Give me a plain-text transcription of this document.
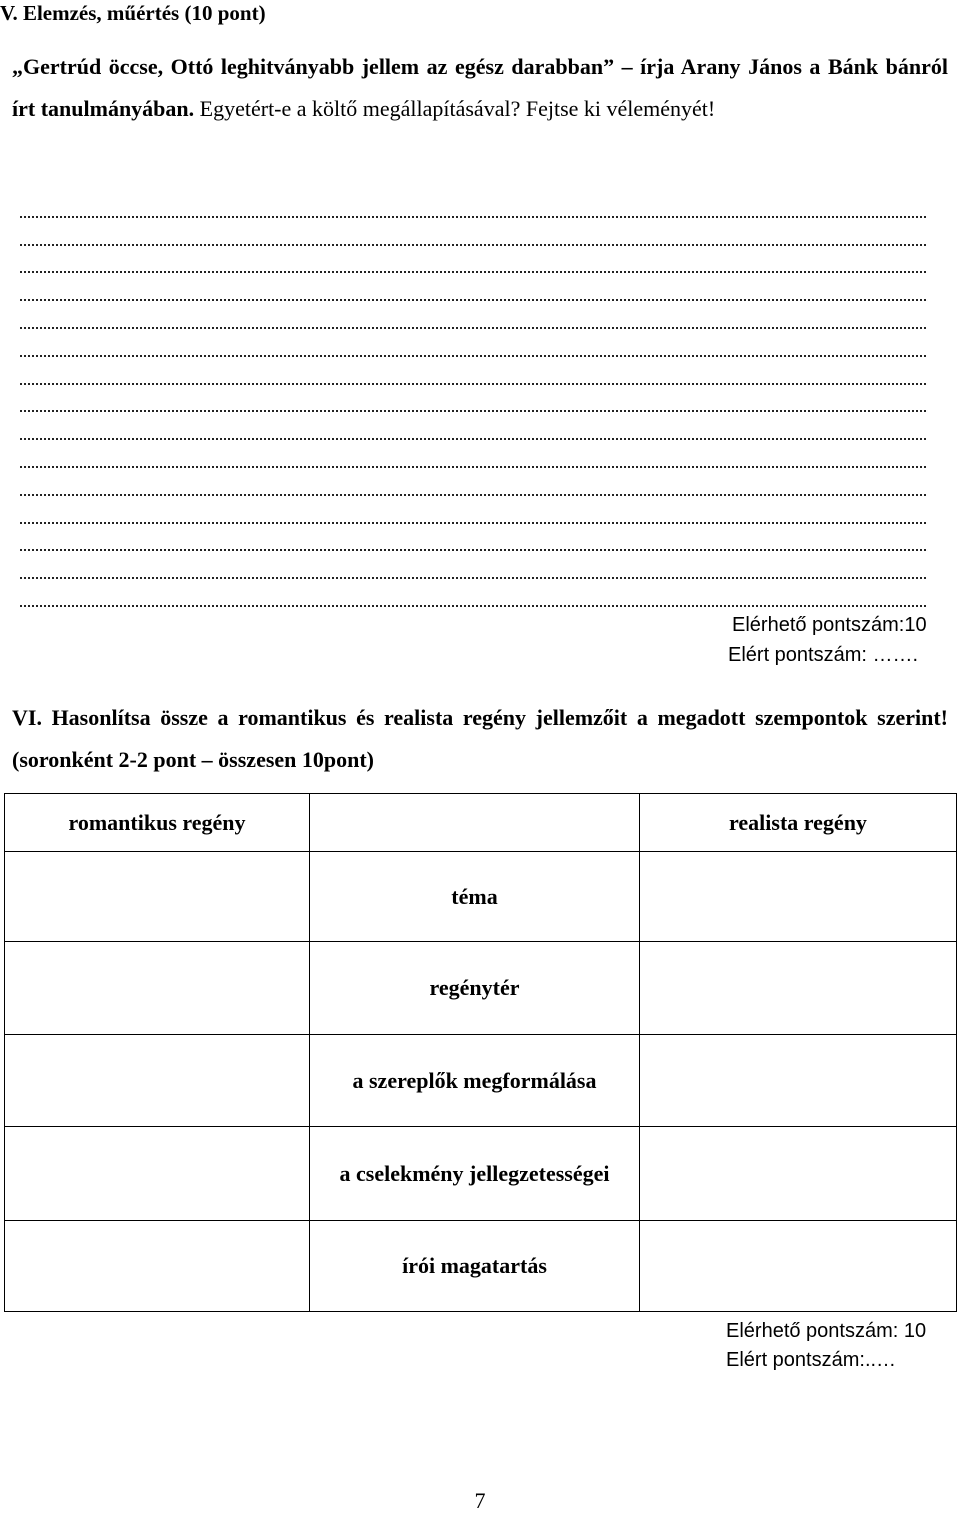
V. Elemzés, műértés (10 pont)

„Gertrúd öccse, Ottó leghitványabb jellem az egész darabban” – írja Arany János a Bánk bánról írt tanulmányában. Egyetért-e a költő megállapításával? Fejtse ki véleményét!

Elérhető pontszám:10
Elért pontszám: …….

VI. Hasonlítsa össze a romantikus és realista regény jellemzőit a megadott szempontok szerint! (soronként 2-2 pont – összesen 10pont)

romantikus regény		realista regény
	téma	
	regénytér	
	a szereplők megformálása	
	a cselekmény jellegzetességei	
	írói magatartás	
Elérhető pontszám: 10
Elért pontszám:..…
7
